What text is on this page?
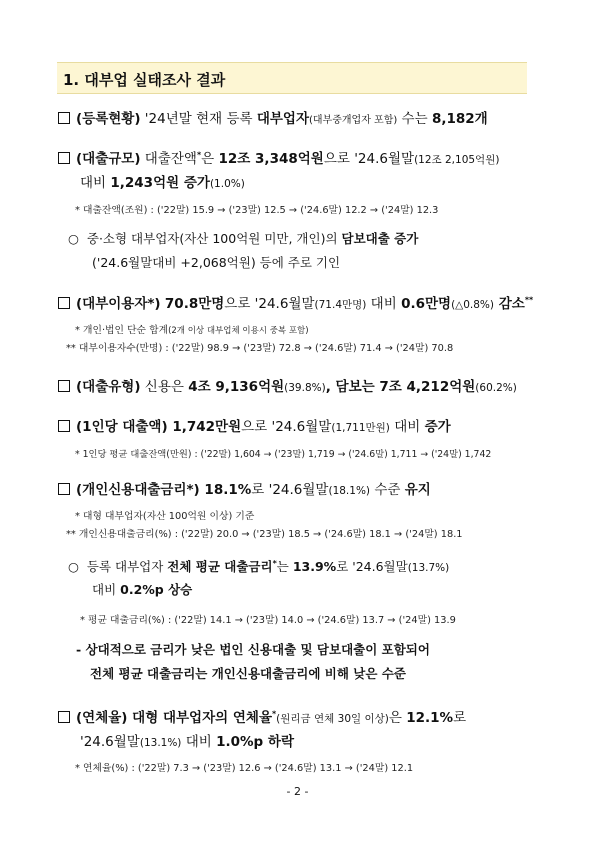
1. 대부업 실태조사 결과
(등록현황) '24년말 현재 등록 대부업자(대부중개업자 포함) 수는 8,182개
(대출규모) 대출잔액*은 12조 3,348억원으로 '24.6월말(12조 2,105억원)
대비 1,243억원 증가(1.0%)
* 대출잔액(조원) : ('22말) 15.9 → ('23말) 12.5 → ('24.6말) 12.2 → ('24말) 12.3
○ 중·소형 대부업자(자산 100억원 미만, 개인)의 담보대출 증가
('24.6월말대비 +2,068억원) 등에 주로 기인
(대부이용자*) 70.8만명으로 '24.6월말(71.4만명) 대비 0.6만명(△0.8%) 감소**
* 개인·법인 단순 합계(2개 이상 대부업체 이용시 중복 포함)
** 대부이용자수(만명) : ('22말) 98.9 → ('23말) 72.8 → ('24.6말) 71.4 → ('24말) 70.8
(대출유형) 신용은 4조 9,136억원(39.8%), 담보는 7조 4,212억원(60.2%)
(1인당 대출액) 1,742만원으로 '24.6월말(1,711만원) 대비 증가
* 1인당 평균 대출잔액(만원) : ('22말) 1,604 → ('23말) 1,719 → ('24.6말) 1,711 → ('24말) 1,742
(개인신용대출금리*) 18.1%로 '24.6월말(18.1%) 수준 유지
* 대형 대부업자(자산 100억원 이상) 기준
** 개인신용대출금리(%) : ('22말) 20.0 → ('23말) 18.5 → ('24.6말) 18.1 → ('24말) 18.1
○ 등록 대부업자 전체 평균 대출금리*는 13.9%로 '24.6월말(13.7%)
대비 0.2%p 상승
* 평균 대출금리(%) : ('22말) 14.1 → ('23말) 14.0 → ('24.6말) 13.7 → ('24말) 13.9
- 상대적으로 금리가 낮은 법인 신용대출 및 담보대출이 포함되어
전체 평균 대출금리는 개인신용대출금리에 비해 낮은 수준
(연체율) 대형 대부업자의 연체율*(원리금 연체 30일 이상)은 12.1%로
'24.6월말(13.1%) 대비 1.0%p 하락
* 연체율(%) : ('22말) 7.3 → ('23말) 12.6 → ('24.6말) 13.1 → ('24말) 12.1
- 2 -
